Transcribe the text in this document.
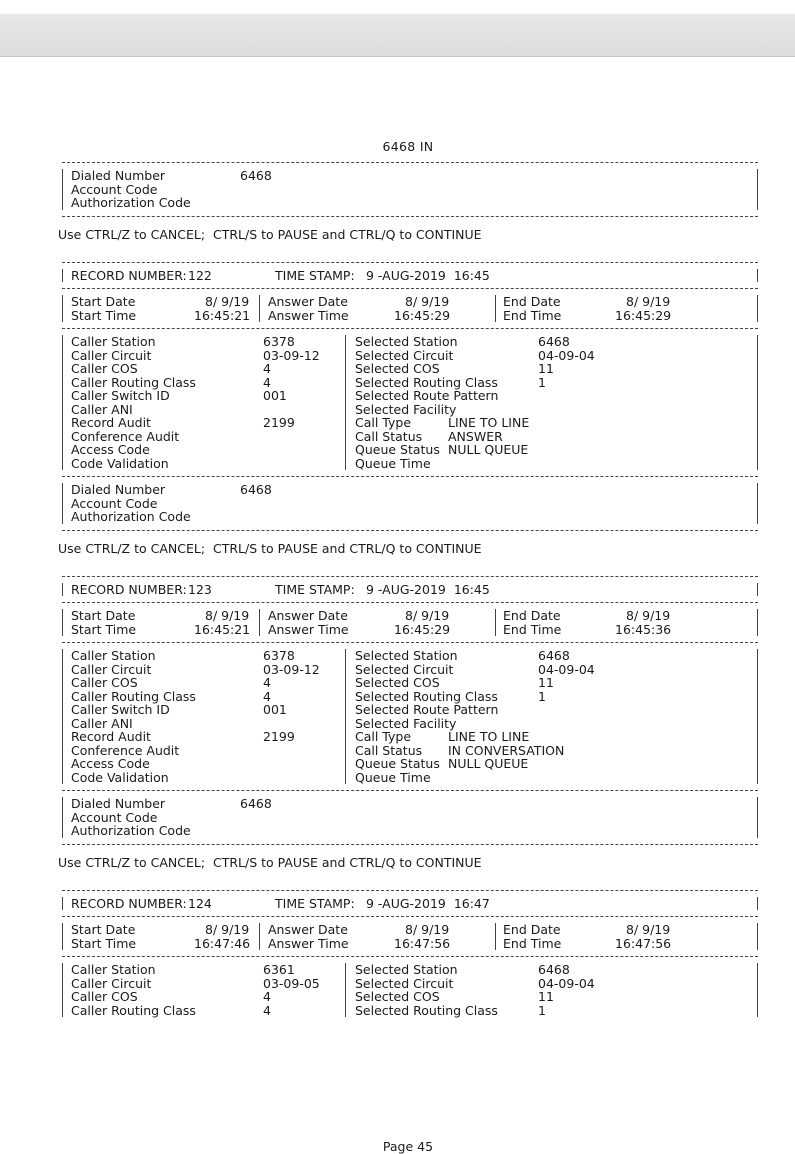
6468 IN
Dialed Number	6468
Account Code
Authorization Code
Use CTRL/Z to CANCEL;  CTRL/S to PAUSE and CTRL/Q to CONTINUE
RECORD NUMBER: 122	TIME STAMP: 9 -AUG-2019  16:45
Start Date	8/ 9/19 Answer Date	8/ 9/19	End Date	8/ 9/19
Start Time	16:45:21 Answer Time	16:45:29	End Time	16:45:29
Caller Station	6378	Selected Station	6468
Caller Circuit	03-09-12	Selected Circuit	04-09-04
Caller COS	4	Selected COS	11
Caller Routing Class	4	Selected Routing Class	1
Caller Switch ID	001	Selected Route Pattern
Caller ANI	Selected Facility
Record Audit	2199	Call Type	LINE TO LINE
Conference Audit	Call Status ANSWER
Access Code	Queue Status NULL QUEUE
Code Validation	Queue Time
Dialed Number	6468
Account Code
Authorization Code
Use CTRL/Z to CANCEL;  CTRL/S to PAUSE and CTRL/Q to CONTINUE
RECORD NUMBER: 123	TIME STAMP: 9 -AUG-2019  16:45
Start Date	8/ 9/19 Answer Date	8/ 9/19	End Date	8/ 9/19
Start Time	16:45:21 Answer Time	16:45:29	End Time	16:45:36
Caller Station	6378	Selected Station	6468
Caller Circuit	03-09-12	Selected Circuit	04-09-04
Caller COS	4	Selected COS	11
Caller Routing Class	4	Selected Routing Class	1
Caller Switch ID	001	Selected Route Pattern
Caller ANI	Selected Facility
Record Audit	2199	Call Type	LINE TO LINE
Conference Audit	Call Status IN CONVERSATION
Access Code	Queue Status NULL QUEUE
Code Validation	Queue Time
Dialed Number	6468
Account Code
Authorization Code
Use CTRL/Z to CANCEL;  CTRL/S to PAUSE and CTRL/Q to CONTINUE
RECORD NUMBER: 124	TIME STAMP: 9 -AUG-2019  16:47
Start Date	8/ 9/19 Answer Date	8/ 9/19	End Date	8/ 9/19
Start Time	16:47:46 Answer Time	16:47:56	End Time	16:47:56
Caller Station	6361	Selected Station	6468
Caller Circuit	03-09-05	Selected Circuit	04-09-04
Caller COS	4	Selected COS	11
Caller Routing Class	4	Selected Routing Class	1
Page 45
